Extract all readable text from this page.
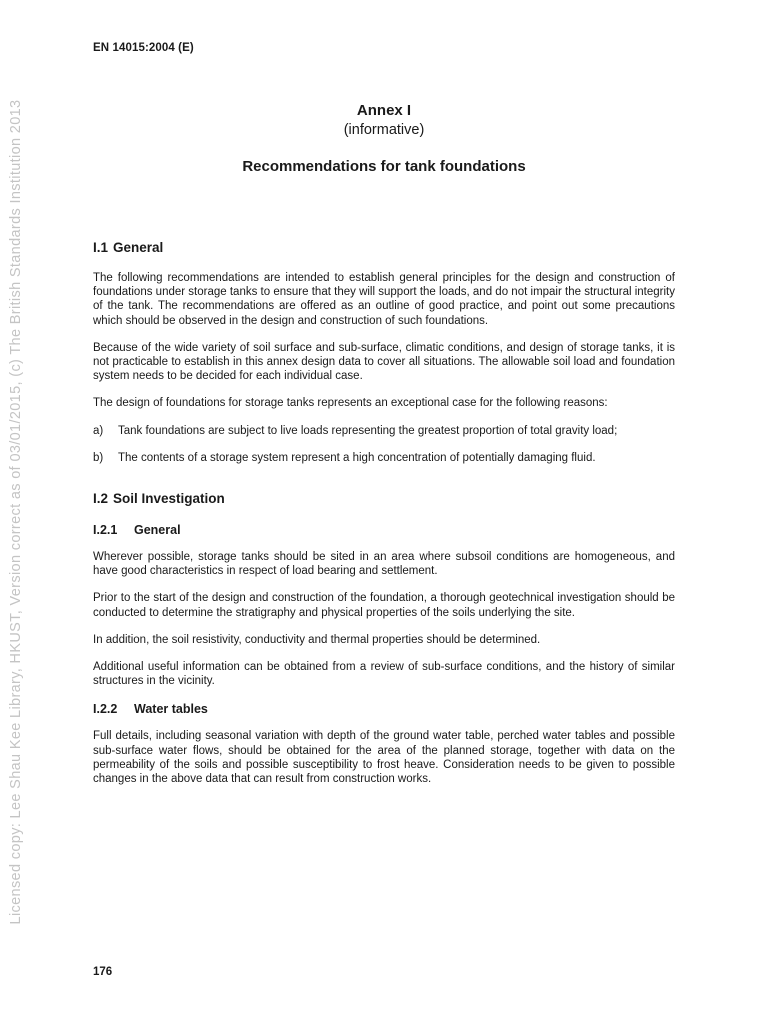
EN 14015:2004 (E)
Licensed copy: Lee Shau Kee Library, HKUST, Version correct as of 03/01/2015, (c) The British Standards Institution 2013	Annex I
(informative)
Recommendations for tank foundations
I.1 General

The following recommendations are intended to establish general principles for the design and construction of foundations under storage tanks to ensure that they will support the loads, and do not impair the structural integrity of the tank. The recommendations are offered as an outline of good practice, and point out some precautions which should be observed in the design and construction of such foundations.

Because of the wide variety of soil surface and sub-surface, climatic conditions, and design of storage tanks, it is not practicable to establish in this annex design data to cover all situations. The allowable soil load and foundation system needs to be decided for each individual case.

The design of foundations for storage tanks represents an exceptional case for the following reasons:

a)	Tank foundations are subject to live loads representing the greatest proportion of total gravity load;
b)	The contents of a storage system represent a high concentration of potentially damaging fluid.
I.2 Soil Investigation
I.2.1 General

Wherever possible, storage tanks should be sited in an area where subsoil conditions are homogeneous, and have good characteristics in respect of load bearing and settlement.

Prior to the start of the design and construction of the foundation, a thorough geotechnical investigation should be conducted to determine the stratigraphy and physical properties of the soils underlying the site.

In addition, the soil resistivity, conductivity and thermal properties should be determined.

Additional useful information can be obtained from a review of sub-surface conditions, and the history of similar structures in the vicinity.

I.2.2 Water tables

Full details, including seasonal variation with depth of the ground water table, perched water tables and possible sub-surface water flows, should be obtained for the area of the planned storage, together with data on the permeability of the soils and possible susceptibility to frost heave. Consideration needs to be given to possible changes in the above data that can result from construction works.

176
